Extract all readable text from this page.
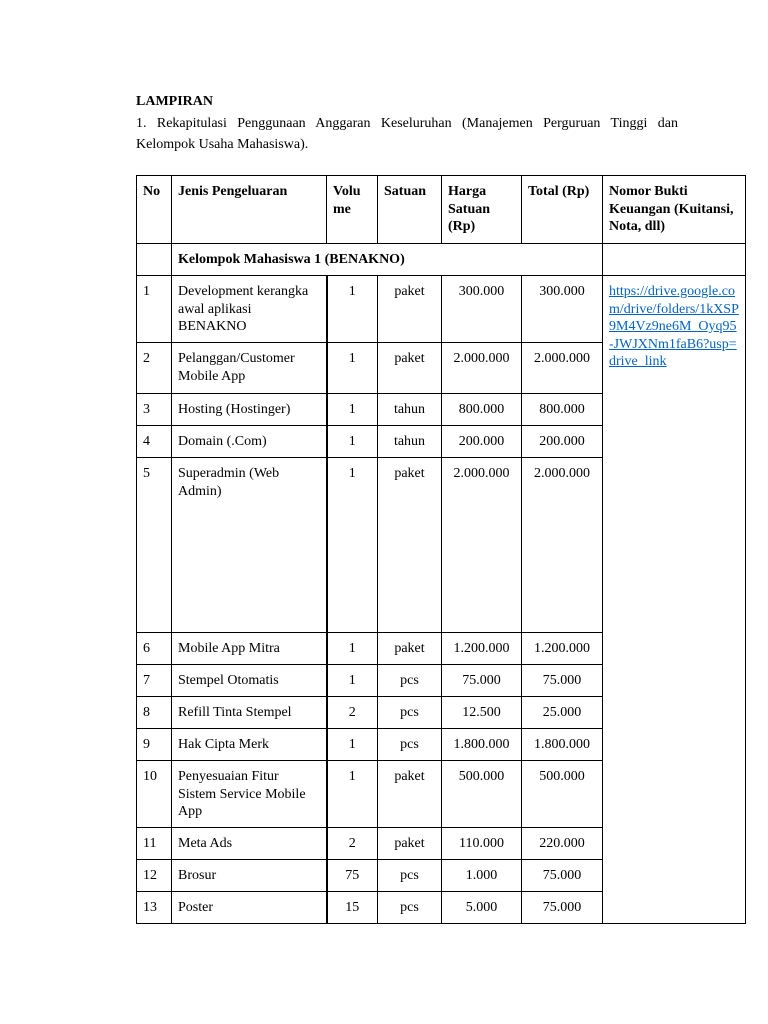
LAMPIRAN
1. Rekapitulasi Penggunaan Anggaran Keseluruhan (Manajemen Perguruan Tinggi dan Kelompok Usaha Mahasiswa).
No	Jenis Pengeluaran	Volu me	Satuan	Harga Satuan (Rp)	Total (Rp)	Nomor Bukti Keuangan (Kuitansi, Nota, dll)
	Kelompok Mahasiswa 1 (BENAKNO)					
1	Development kerangka awal aplikasi BENAKNO	1	paket	300.000	300.000	https://drive.google.com/drive/folders/1kXSP9M4Vz9ne6M_Oyq95-JWJXNm1faB6?usp=drive_link
2	Pelanggan/Customer Mobile App	1	paket	2.000.000	2.000.000	
3	Hosting (Hostinger)	1	tahun	800.000	800.000	
4	Domain (.Com)	1	tahun	200.000	200.000	
5	Superadmin (Web Admin)	1	paket	2.000.000	2.000.000	
6	Mobile App Mitra	1	paket	1.200.000	1.200.000	
7	Stempel Otomatis	1	pcs	75.000	75.000	
8	Refill Tinta Stempel	2	pcs	12.500	25.000	
9	Hak Cipta Merk	1	pcs	1.800.000	1.800.000	
10	Penyesuaian Fitur Sistem Service Mobile App	1	paket	500.000	500.000	
11	Meta Ads	2	paket	110.000	220.000	
12	Brosur	75	pcs	1.000	75.000	
13	Poster	15	pcs	5.000	75.000	
